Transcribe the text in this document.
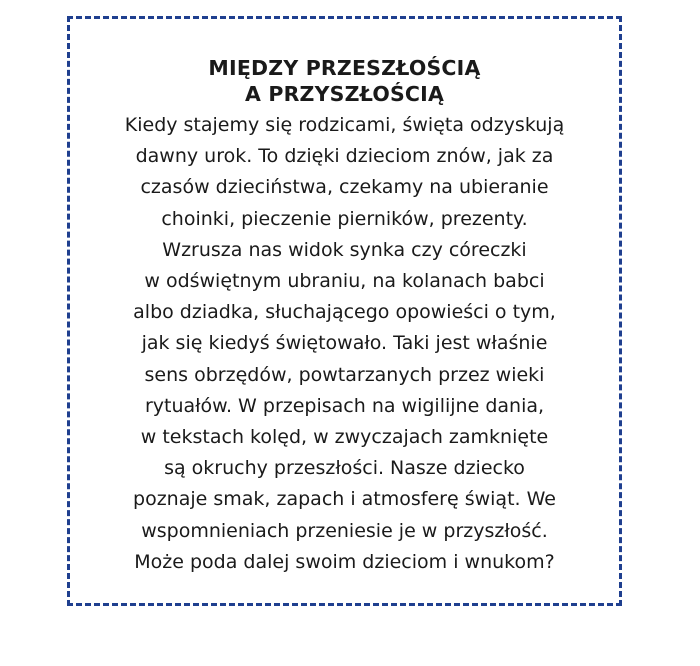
MIĘDZY PRZESZŁOŚCIĄ
A PRZYSZŁOŚCIĄ

Kiedy stajemy się rodzicami, święta odzyskują
dawny urok. To dzięki dzieciom znów, jak za
czasów dzieciństwa, czekamy na ubieranie
choinki, pieczenie pierników, prezenty.
Wzrusza nas widok synka czy córeczki
w odświętnym ubraniu, na kolanach babci
albo dziadka, słuchającego opowieści o tym,
jak się kiedyś świętowało. Taki jest właśnie
sens obrzędów, powtarzanych przez wieki
rytuałów. W przepisach na wigilijne dania,
w tekstach kolęd, w zwyczajach zamknięte
są okruchy przeszłości. Nasze dziecko
poznaje smak, zapach i atmosferę świąt. We
wspomnieniach przeniesie je w przyszłość.
Może poda dalej swoim dzieciom i wnukom?
